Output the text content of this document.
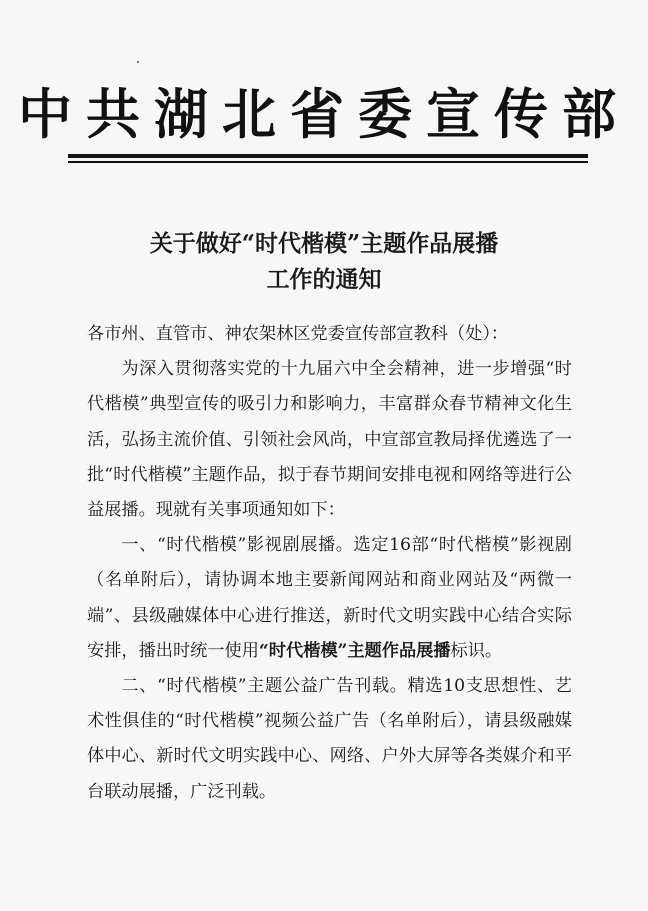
中共湖北省委宣传部
关于做好“时代楷模”主题作品展播
工作的通知

各市州、直管市、神农架林区党委宣传部宣教科（处）：

为深入贯彻落实党的十九届六中全会精神，进一步增强“时代楷模”典型宣传的吸引力和影响力，丰富群众春节精神文化生活，弘扬主流价值、引领社会风尚，中宣部宣教局择优遴选了一批“时代楷模”主题作品，拟于春节期间安排电视和网络等进行公益展播。现就有关事项通知如下：

一、“时代楷模”影视剧展播。选定16部“时代楷模”影视剧（名单附后），请协调本地主要新闻网站和商业网站及“两微一端”、县级融媒体中心进行推送，新时代文明实践中心结合实际安排，播出时统一使用“时代楷模”主题作品展播标识。

二、“时代楷模”主题公益广告刊载。精选10支思想性、艺术性俱佳的“时代楷模”视频公益广告（名单附后），请县级融媒体中心、新时代文明实践中心、网络、户外大屏等各类媒介和平台联动展播，广泛刊载。
